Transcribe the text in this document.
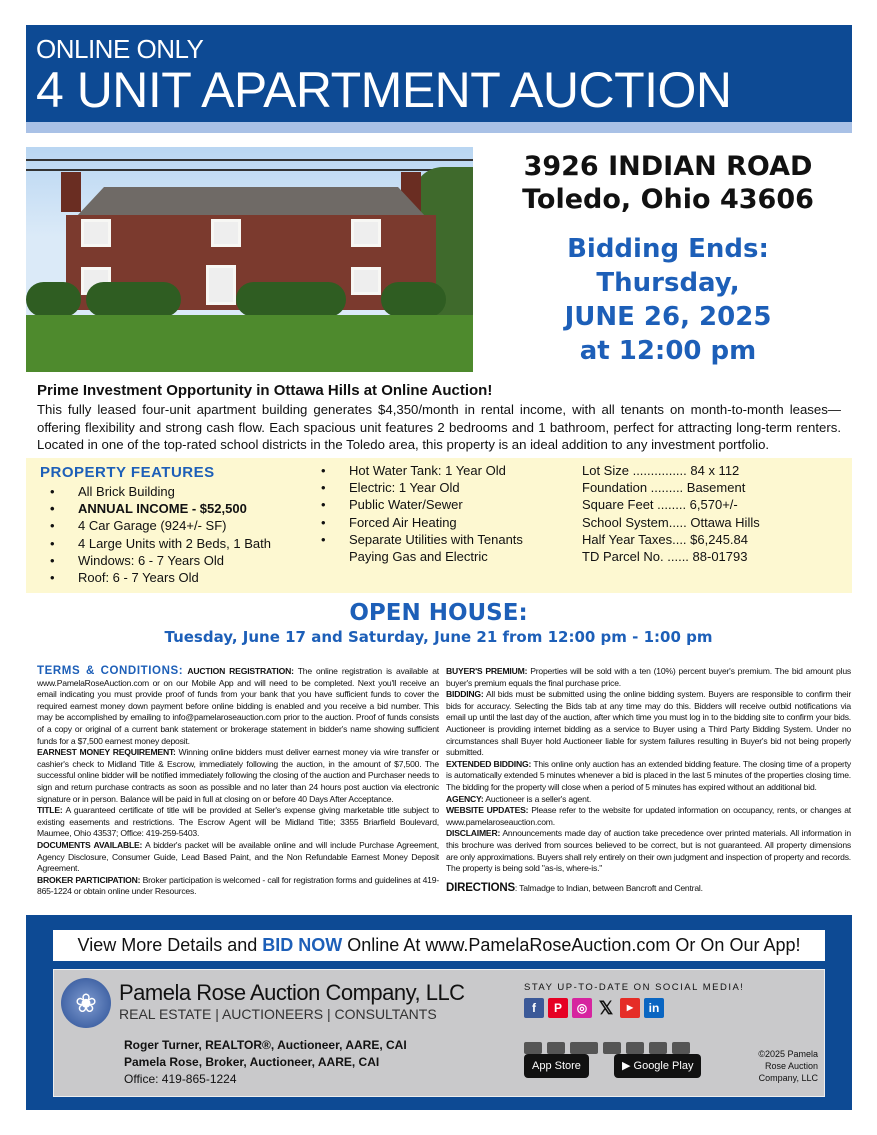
ONLINE ONLY
4 UNIT APARTMENT AUCTION
3926 INDIAN ROAD
Toledo, Ohio 43606
Bidding Ends:
Thursday,
JUNE 26, 2025
at 12:00 pm
Prime Investment Opportunity in Ottawa Hills at Online Auction!
This fully leased four-unit apartment building generates $4,350/month in rental income, with all tenants on month-to-month leases—offering flexibility and strong cash flow. Each spacious unit features 2 bedrooms and 1 bathroom, perfect for attracting long-term renters. Located in one of the top-rated school districts in the Toledo area, this property is an ideal addition to any investment portfolio.
PROPERTY FEATURES
• All Brick Building
• ANNUAL INCOME - $52,500
• 4 Car Garage (924+/- SF)
• 4 Large Units with 2 Beds, 1 Bath
• Windows: 6 - 7 Years Old
• Roof: 6 - 7 Years Old
• Hot Water Tank: 1 Year Old
• Electric: 1 Year Old
• Public Water/Sewer
• Forced Air Heating
• Separate Utilities with Tenants Paying Gas and Electric
Lot Size ............... 84 x 112
Foundation ......... Basement
Square Feet ........ 6,570+/-
School System..... Ottawa Hills
Half Year Taxes.... $6,245.84
TD Parcel No. ...... 88-01793
OPEN HOUSE:
Tuesday, June 17 and Saturday, June 21 from 12:00 pm - 1:00 pm
TERMS & CONDITIONS: AUCTION REGISTRATION: The online registration is available at www.PamelaRoseAuction.com or on our Mobile App and will need to be completed. Next you'll receive an email indicating you must provide proof of funds from your bank that you have sufficient funds to cover the required earnest money down payment before online bidding is enabled and you receive a bid number. This may be accomplished by emailing to info@pamelaroseauction.com prior to the auction. Proof of funds consists of a copy or original of a current bank statement or brokerage statement in bidder's name showing sufficient funds for a $7,500 earnest money deposit.
EARNEST MONEY REQUIREMENT: Winning online bidders must deliver earnest money via wire transfer or cashier's check to Midland Title & Escrow, immediately following the auction, in the amount of $7,500. The successful online bidder will be notified immediately following the closing of the auction and Purchaser needs to sign and return purchase contracts as soon as possible and no later than 24 hours post auction via electronic signature or in person. Balance will be paid in full at closing on or before 40 Days After Acceptance.
TITLE: A guaranteed certificate of title will be provided at Seller's expense giving marketable title subject to existing easements and restrictions. The Escrow Agent will be Midland Title; 3355 Briarfield Boulevard, Maumee, Ohio 43537; Office: 419-259-5403.
DOCUMENTS AVAILABLE: A bidder's packet will be available online and will include Purchase Agreement, Agency Disclosure, Consumer Guide, Lead Based Paint, and the Non Refundable Earnest Money Deposit Agreement.
BROKER PARTICIPATION: Broker participation is welcomed - call for registration forms and guidelines at 419-865-1224 or obtain online under Resources.
BUYER'S PREMIUM: Properties will be sold with a ten (10%) percent buyer's premium. The bid amount plus buyer's premium equals the final purchase price.
BIDDING: All bids must be submitted using the online bidding system. Buyers are responsible to confirm their bids for accuracy. Selecting the Bids tab at any time may do this. Bidders will receive outbid notifications via email up until the last day of the auction, after which time you must log in to the bidding site to confirm your bids. Auctioneer is providing internet bidding as a service to Buyer using a Third Party Bidding System. Under no circumstances shall Buyer hold Auctioneer liable for system failures resulting in Buyer's bid not being properly submitted.
EXTENDED BIDDING: This online only auction has an extended bidding feature. The closing time of a property is automatically extended 5 minutes whenever a bid is placed in the last 5 minutes of the properties closing time. The bidding for the property will close when a period of 5 minutes has expired without an additional bid.
AGENCY: Auctioneer is a seller's agent.
WEBSITE UPDATES: Please refer to the website for updated information on occupancy, rents, or changes at www.pamelaroseauction.com.
DISCLAIMER: Announcements made day of auction take precedence over printed materials. All information in this brochure was derived from sources believed to be correct, but is not guaranteed. All property dimensions are only approximations. Buyers shall rely entirely on their own judgment and inspection of property and records. The property is being sold "as-is, where-is."
DIRECTIONS: Talmadge to Indian, between Bancroft and Central.
View More Details and BID NOW Online At www.PamelaRoseAuction.com Or On Our App!
❀	Pamela Rose Auction Company, LLC
REAL ESTATE | AUCTIONEERS | CONSULTANTS
Roger Turner, REALTOR®, Auctioneer, AARE, CAI
Pamela Rose, Broker, Auctioneer, AARE, CAI
Office: 419-865-1224
STAY UP-TO-DATE ON SOCIAL MEDIA!
f	P	◎ 𝕏	▶	in
App Store	▶ Google Play
©2025 Pamela Rose Auction Company, LLC
